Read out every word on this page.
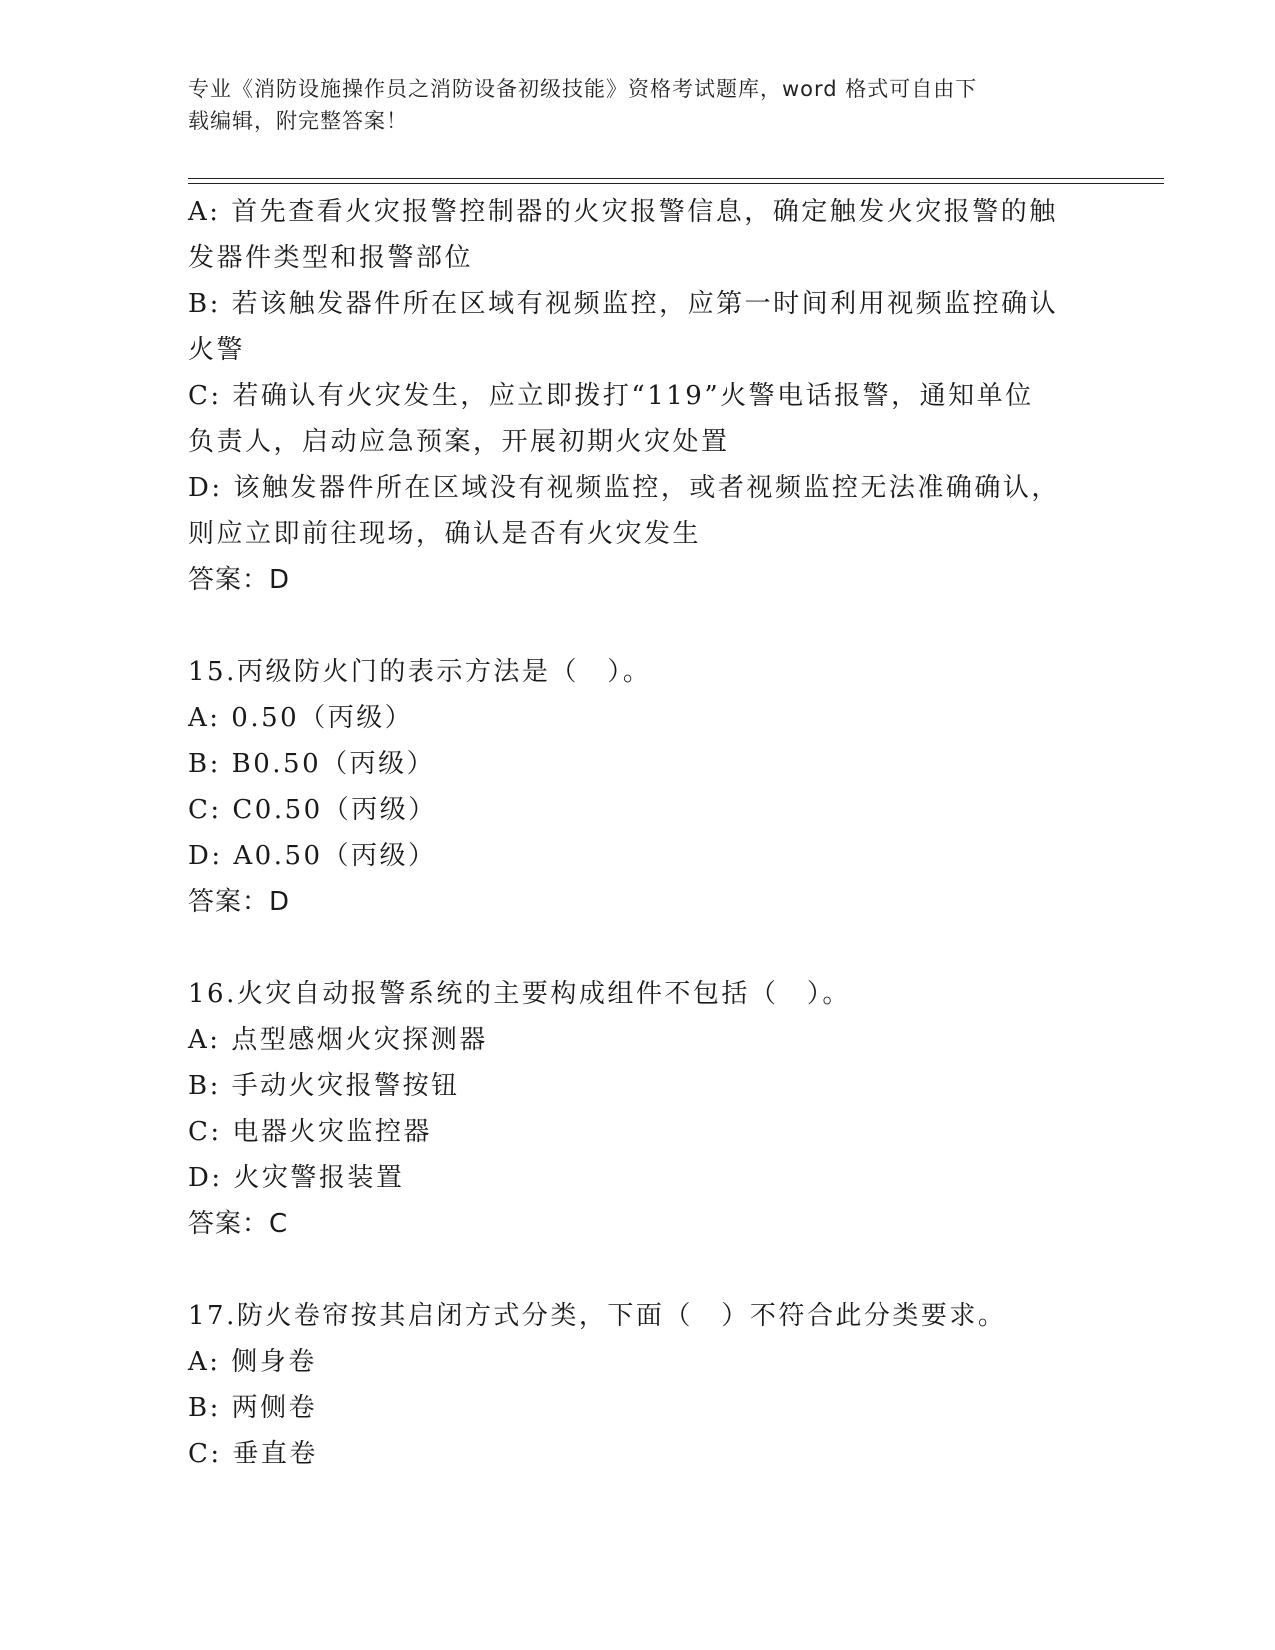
专业《消防设施操作员之消防设备初级技能》资格考试题库，word 格式可自由下
载编辑，附完整答案！
A: 首先查看火灾报警控制器的火灾报警信息，确定触发火灾报警的触
发器件类型和报警部位
B: 若该触发器件所在区域有视频监控，应第一时间利用视频监控确认
火警
C: 若确认有火灾发生，应立即拨打“119”火警电话报警，通知单位
负责人，启动应急预案，开展初期火灾处置
D: 该触发器件所在区域没有视频监控，或者视频监控无法准确确认，
则应立即前往现场，确认是否有火灾发生
答案：D
15.丙级防火门的表示方法是（　）。
A: 0.50（丙级）
B: B0.50（丙级）
C: C0.50（丙级）
D: A0.50（丙级）
答案：D
16.火灾自动报警系统的主要构成组件不包括（　）。
A: 点型感烟火灾探测器
B: 手动火灾报警按钮
C: 电器火灾监控器
D: 火灾警报装置
答案：C
17.防火卷帘按其启闭方式分类，下面（　）不符合此分类要求。
A: 侧身卷
B: 两侧卷
C: 垂直卷
